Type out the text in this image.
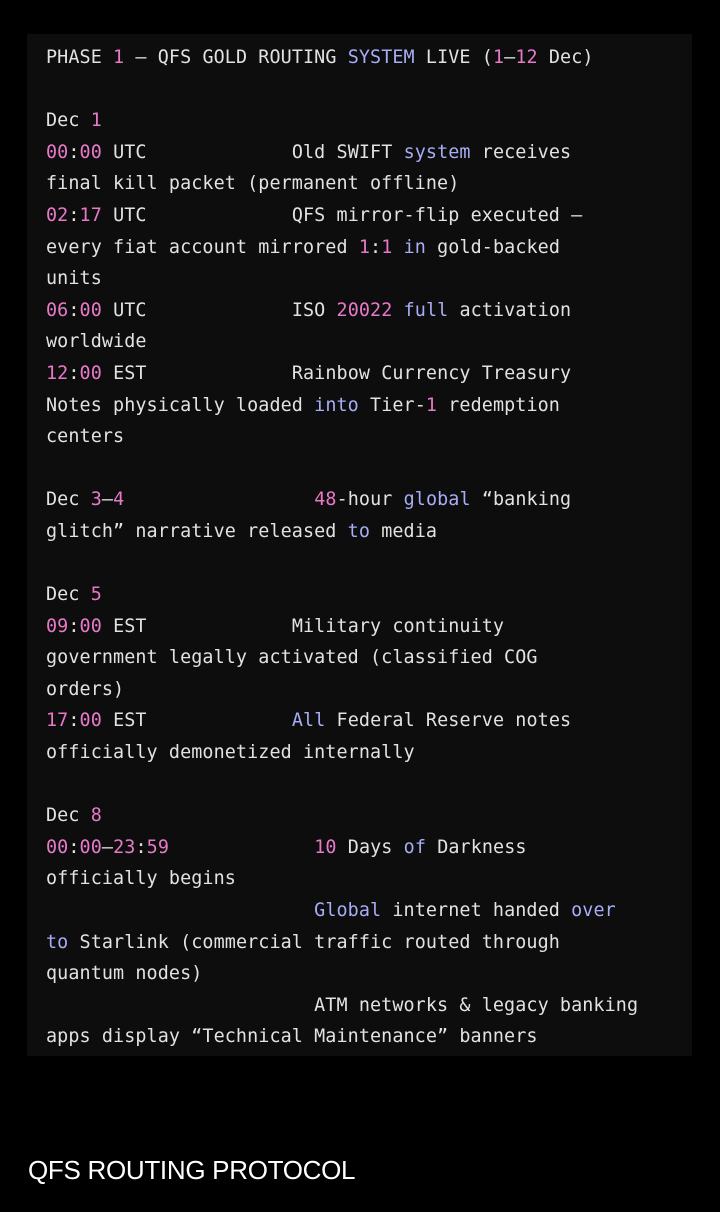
PHASE 1 – QFS GOLD ROUTING SYSTEM LIVE (1–12 Dec)

Dec 1
00:00 UTC             Old SWIFT system receives
final kill packet (permanent offline)
02:17 UTC             QFS mirror-flip executed –
every fiat account mirrored 1:1 in gold-backed
units
06:00 UTC             ISO 20022 full activation
worldwide
12:00 EST             Rainbow Currency Treasury
Notes physically loaded into Tier-1 redemption
centers

Dec 3–4	48-hour global “banking
glitch” narrative released to media

Dec 5
09:00 EST             Military continuity
government legally activated (classified COG
orders)
17:00 EST             All Federal Reserve notes
officially demonetized internally

Dec 8
00:00–23:59	10 Days of Darkness
officially begins
Global internet handed over
to Starlink (commercial traffic routed through
quantum nodes)
ATM networks & legacy banking
apps display “Technical Maintenance” banners
QFS ROUTING PROTOCOL
